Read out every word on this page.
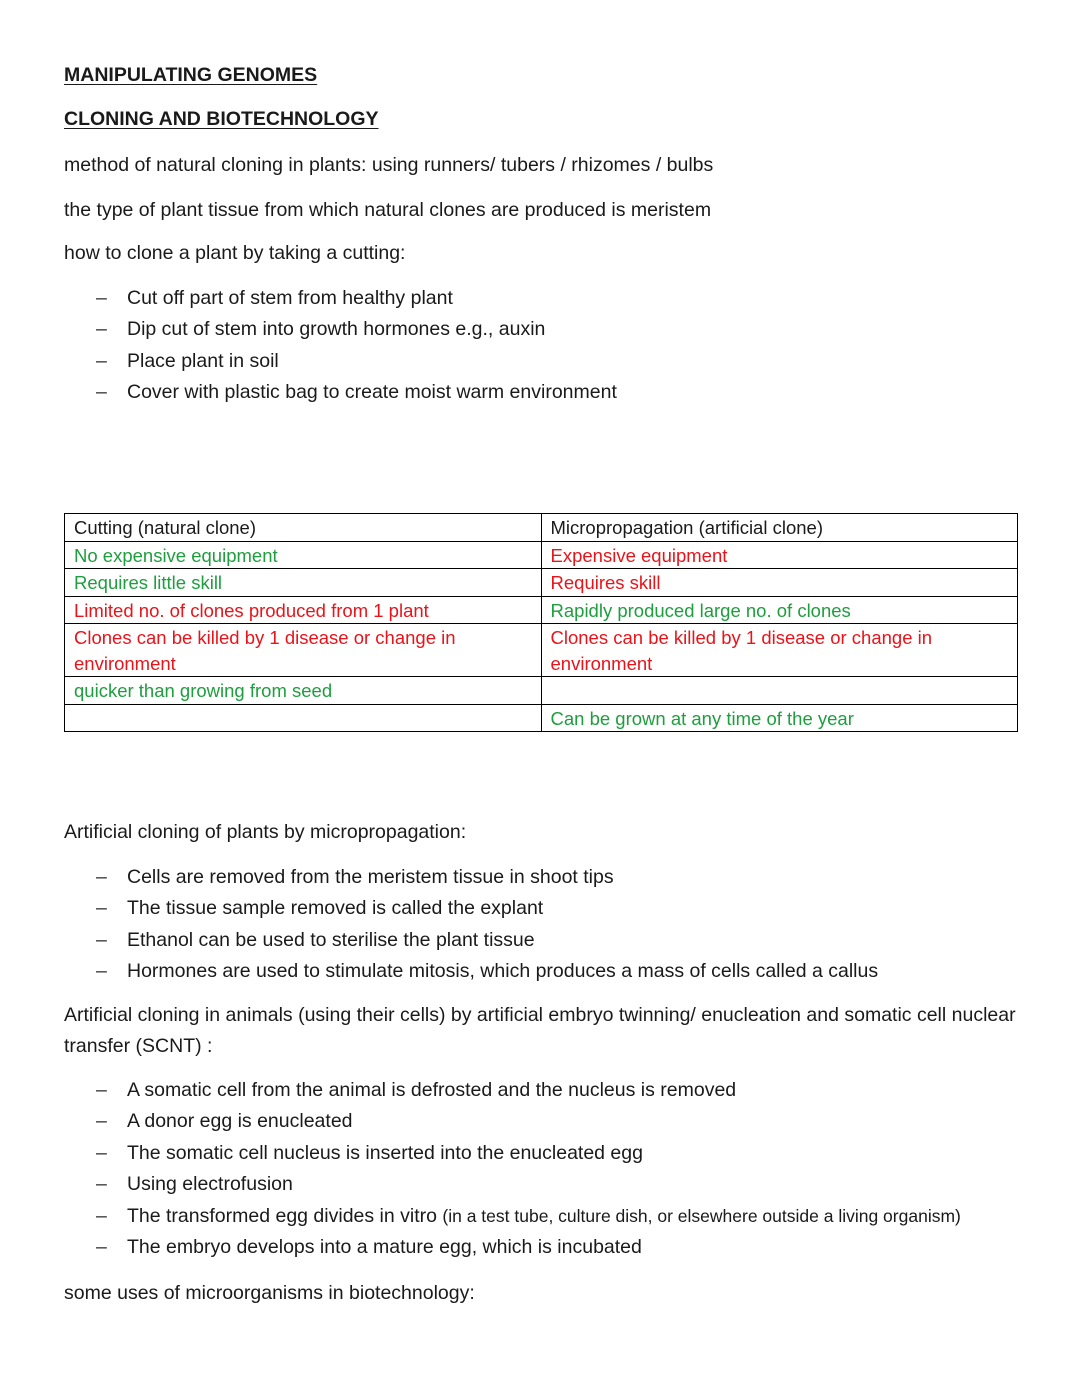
MANIPULATING GENOMES
CLONING AND BIOTECHNOLOGY
method of natural cloning in plants: using runners/ tubers / rhizomes / bulbs
the type of plant tissue from which natural clones are produced is meristem
how to clone a plant by taking a cutting:
– Cut off part of stem from healthy plant
– Dip cut of stem into growth hormones e.g., auxin
– Place plant in soil
– Cover with plastic bag to create moist warm environment
Cutting (natural clone)	Micropropagation (artificial clone)
No expensive equipment	Expensive equipment
Requires little skill	Requires skill
Limited no. of clones produced from 1 plant	Rapidly produced large no. of clones
Clones can be killed by 1 disease or change in environment	Clones can be killed by 1 disease or change in environment
quicker than growing from seed	
	Can be grown at any time of the year
Artificial cloning of plants by micropropagation:
– Cells are removed from the meristem tissue in shoot tips
– The tissue sample removed is called the explant
– Ethanol can be used to sterilise the plant tissue
– Hormones are used to stimulate mitosis, which produces a mass of cells called a callus
Artificial cloning in animals (using their cells) by artificial embryo twinning/ enucleation and somatic cell nuclear transfer (SCNT) :
– A somatic cell from the animal is defrosted and the nucleus is removed
– A donor egg is enucleated
– The somatic cell nucleus is inserted into the enucleated egg
– Using electrofusion
– The transformed egg divides in vitro (in a test tube, culture dish, or elsewhere outside a living organism)
– The embryo develops into a mature egg, which is incubated
some uses of microorganisms in biotechnology:
